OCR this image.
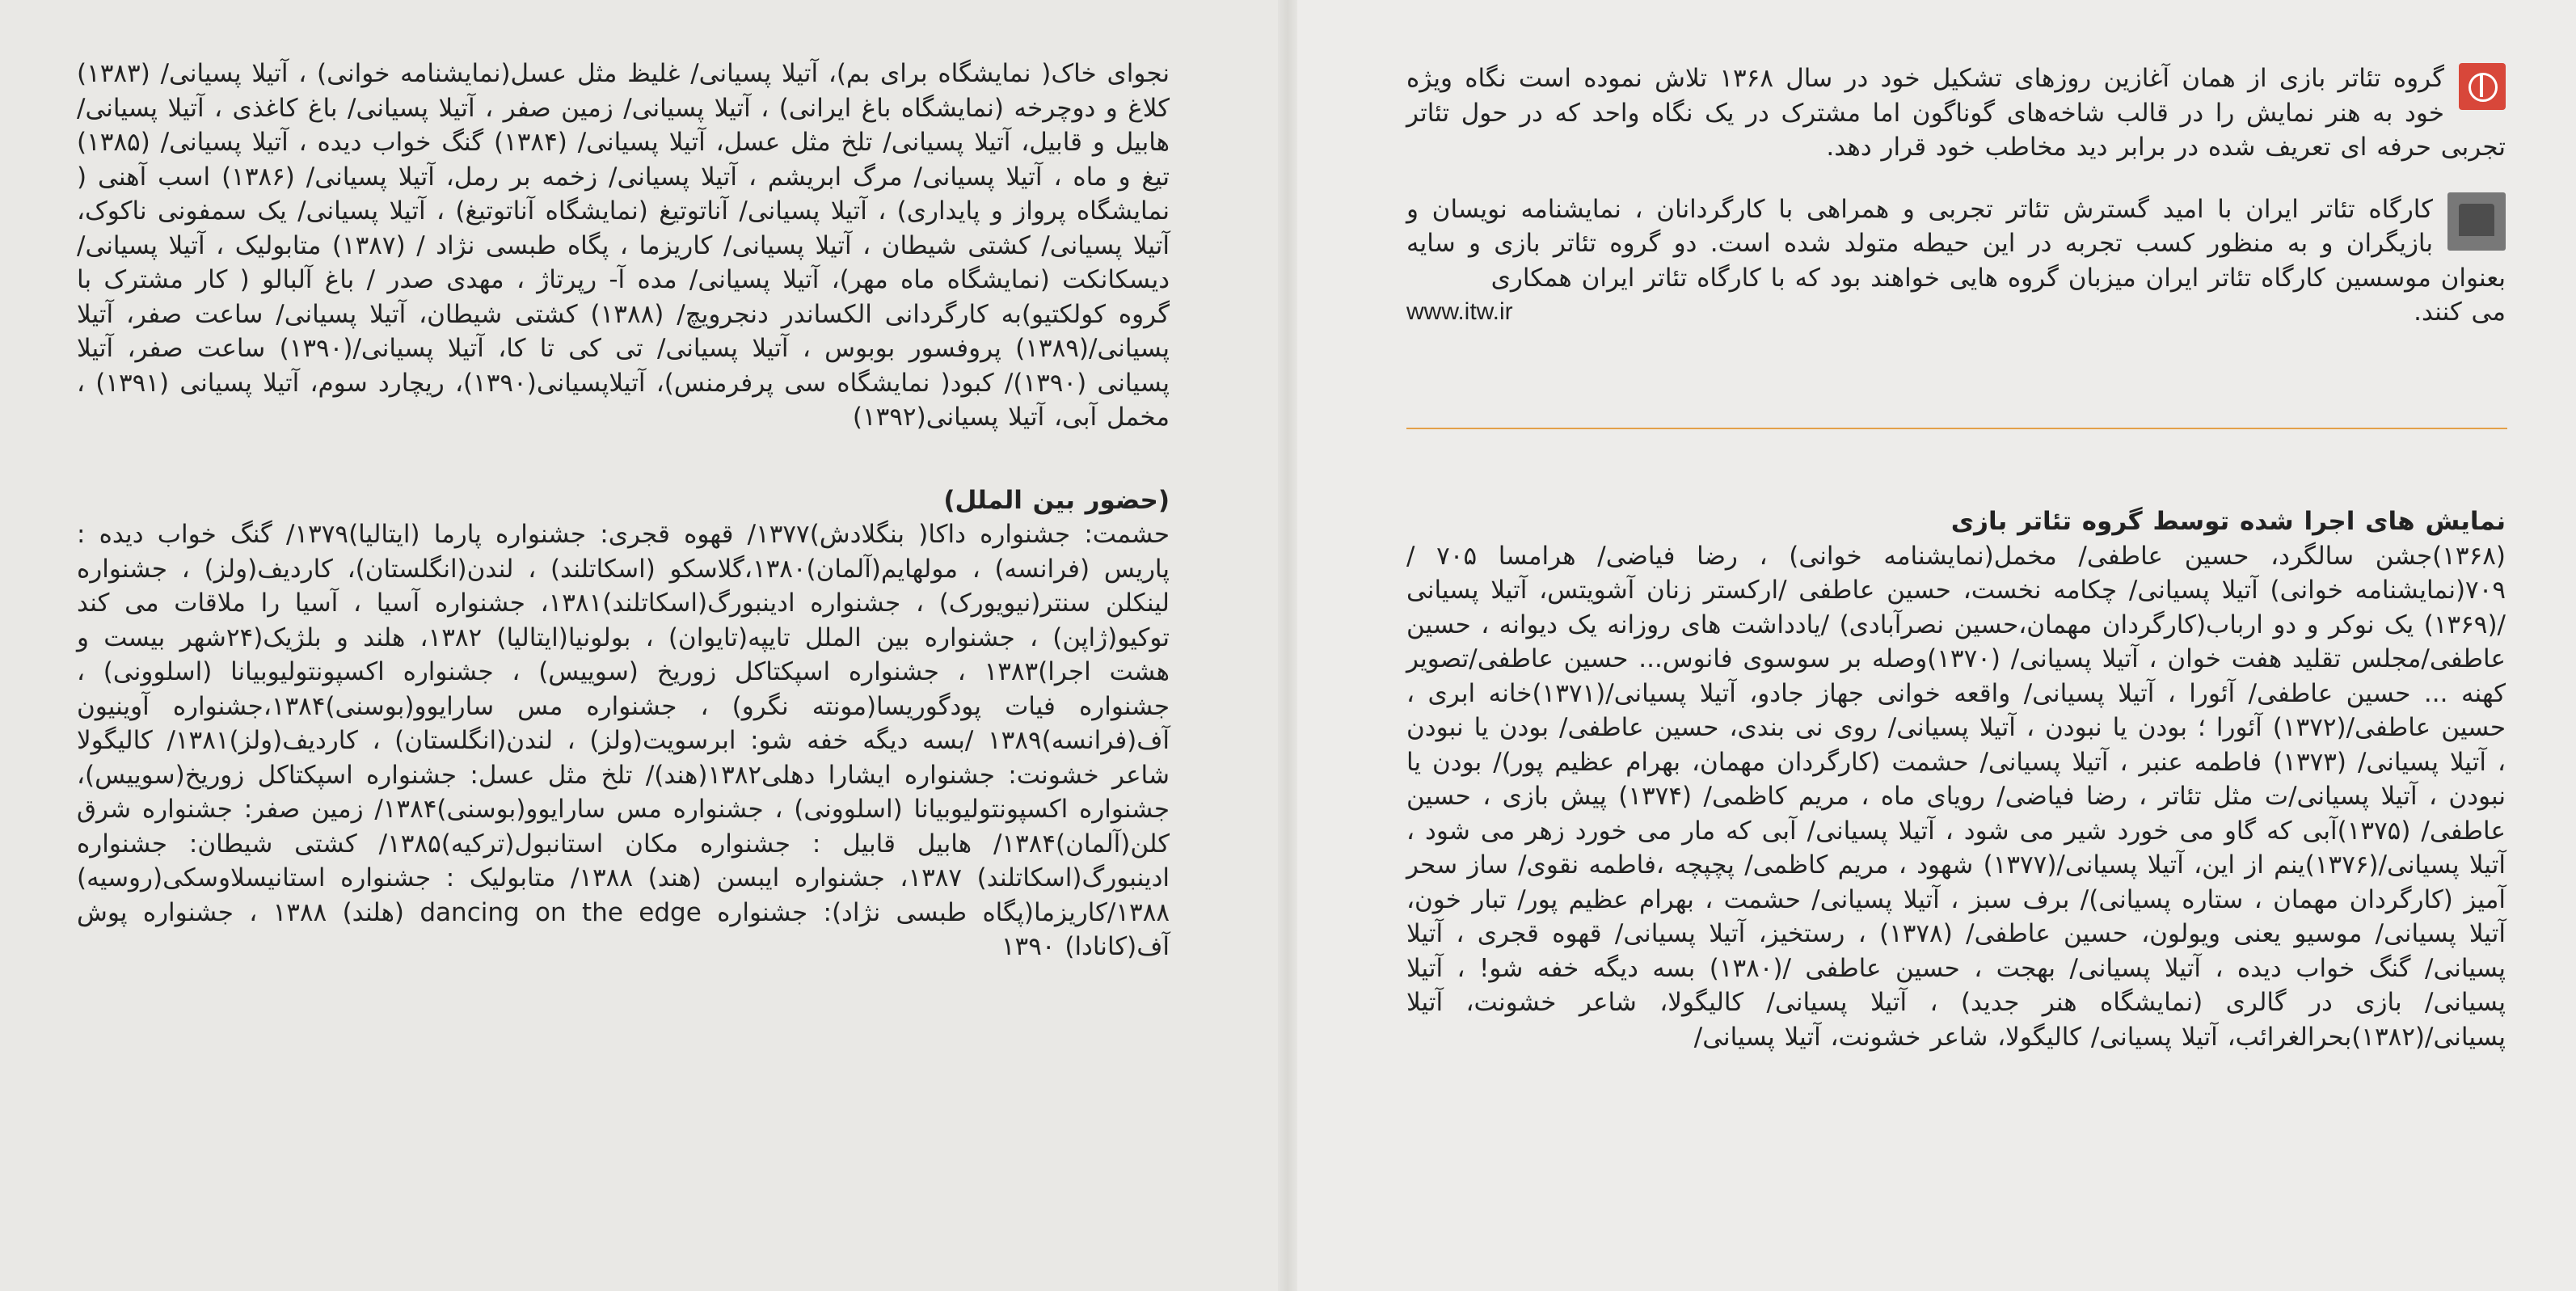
نجوای خاک( نمایشگاه برای بم)، آتیلا پسیانی/ غلیظ مثل عسل(نمایشنامه خوانی) ، آتیلا پسیانی/ (۱۳۸۳) کلاغ و دوچرخه (نمایشگاه باغ ایرانی) ، آتیلا پسیانی/ زمین صفر ، آتیلا پسیانی/ باغ کاغذی ، آتیلا پسیانی/ هابیل و قابیل، آتیلا پسیانی/ تلخ مثل عسل، آتیلا پسیانی/ (۱۳۸۴) گنگ خواب دیده ، آتیلا پسیانی/ (۱۳۸۵) تیغ و ماه ، آتیلا پسیانی/ مرگ ابریشم ، آتیلا پسیانی/ زخمه بر رمل، آتیلا پسیانی/ (۱۳۸۶) اسب آهنی ( نمایشگاه پرواز و پایداری) ، آتیلا پسیانی/ آناتوتیغ (نمایشگاه آناتوتیغ) ، آتیلا پسیانی/ یک سمفونی ناکوک، آتیلا پسیانی/ کشتی شیطان ، آتیلا پسیانی/ کاریزما ، پگاه طبسی نژاد / (۱۳۸۷) متابولیک ، آتیلا پسیانی/ دیسکانکت (نمایشگاه ماه مهر)، آتیلا پسیانی/ مده آ- رپرتاژ ، مهدی صدر / باغ آلبالو ( کار مشترک با گروه کولکتیو)به کارگردانی الکساندر دنجرویچ/ (۱۳۸۸) کشتی شیطان، آتیلا پسیانی/ ساعت صفر، آتیلا پسیانی/(۱۳۸۹) پروفسور بوبوس ، آتیلا پسیانی/ تی کی تا کا، آتیلا پسیانی/(۱۳۹۰) ساعت صفر، آتیلا پسیانی (۱۳۹۰)/ کبود( نمایشگاه سی پرفرمنس)، آتیلاپسیانی(۱۳۹۰)، ریچارد سوم، آتیلا پسیانی (۱۳۹۱) ، مخمل آبی، آتیلا پسیانی(۱۳۹۲)

(حضور بین الملل)

حشمت: جشنواره داکا( بنگلادش)۱۳۷۷/ قهوه قجری: جشنواره پارما (ایتالیا)۱۳۷۹/ گنگ خواب دیده : پاریس (فرانسه) ، مولهایم(آلمان)۱۳۸۰،گلاسکو (اسکاتلند) ، لندن(انگلستان)، کاردیف(ولز) ، جشنواره لینکلن سنتر(نیویورک) ، جشنواره ادینبورگ(اسکاتلند)۱۳۸۱، جشنواره آسیا ، آسیا را ملاقات می کند توکیو(ژاپن) ، جشنواره بین الملل تایپه(تایوان) ، بولونیا(ایتالیا) ۱۳۸۲، هلند و بلژیک(۲۴شهر بیست و هشت اجرا)۱۳۸۳ ، جشنواره اسپکتاکل زوریخ (سوییس) ، جشنواره اکسپونتولیوبیانا (اسلوونی) ، جشنواره فیات پودگوریسا(مونته نگرو) ، جشنواره مس سارایوو(بوسنی)۱۳۸۴،جشنواره آوینیون آف(فرانسه)۱۳۸۹ /بسه دیگه خفه شو: ابرسویت(ولز) ، لندن(انگلستان) ، کاردیف(ولز)۱۳۸۱/ کالیگولا شاعر خشونت: جشنواره ایشارا دهلی۱۳۸۲(هند)/ تلخ مثل عسل: جشنواره اسپکتاکل زوریخ(سوییس)، جشنواره اکسپونتولیوبیانا (اسلوونی) ، جشنواره مس سارایوو(بوسنی)۱۳۸۴/ زمین صفر: جشنواره شرق کلن(آلمان)۱۳۸۴/ هابیل قابیل : جشنواره مکان استانبول(ترکیه)۱۳۸۵/ کشتی شیطان: جشنواره ادینبورگ(اسکاتلند) ۱۳۸۷، جشنواره ایبسن (هند) ۱۳۸۸/ متابولیک : جشنواره استانیسلاوسکی(روسیه) ۱۳۸۸/کاریزما(پگاه طبسی نژاد): جشنواره dancing on the edge (هلند) ۱۳۸۸ ، جشنواره پوش آف(کانادا) ۱۳۹۰

گروه تئاتر بازی از همان آغازین روزهای تشکیل خود در سال ۱۳۶۸ تلاش نموده است نگاه ویژه خود به هنر نمایش را در قالب شاخه‌های گوناگون اما مشترک در یک نگاه واحد که در حول تئاتر تجربی حرفه ای تعریف شده در برابر دید مخاطب خود قرار دهد.

کارگاه تئاتر ایران با امید گسترش تئاتر تجربی و همراهی با کارگردانان ، نمایشنامه نویسان و بازیگران و به منظور کسب تجربه در این حیطه متولد شده است. دو گروه تئاتر بازی و سایه بعنوان موسسین کارگاه تئاتر ایران میزبان گروه هایی خواهند بود که با کارگاه تئاتر ایران همکاری

می کنند.
www.itw.ir

نمایش های اجرا شده توسط گروه تئاتر بازی

(۱۳۶۸)جشن سالگرد، حسین عاطفی/ مخمل(نمایشنامه خوانی) ، رضا فیاضی/ هرامسا ۷۰۵ /۷۰۹(نمایشنامه خوانی) آتیلا پسیانی/ چکامه نخست، حسین عاطفی /ارکستر زنان آشویتس، آتیلا پسیانی /(۱۳۶۹) یک نوکر و دو ارباب(کارگردان مهمان،حسین نصرآبادی) /یادداشت های روزانه یک دیوانه ، حسین عاطفی/مجلس تقلید هفت خوان ، آتیلا پسیانی/ (۱۳۷۰)وصله بر سوسوی فانوس... حسین عاطفی/تصویر کهنه ... حسین عاطفی/ آئورا ، آتیلا پسیانی/ واقعه خوانی جهاز جادو، آتیلا پسیانی/(۱۳۷۱)خانه ابری ، حسین عاطفی/(۱۳۷۲) آئورا ؛ بودن یا نبودن ، آتیلا پسیانی/ روی نی بندی، حسین عاطفی/ بودن یا نبودن ، آتیلا پسیانی/ (۱۳۷۳) فاطمه عنبر ، آتیلا پسیانی/ حشمت (کارگردان مهمان، بهرام عظیم پور)/ بودن یا نبودن ، آتیلا پسیانی/ت مثل تئاتر ، رضا فیاضی/ رویای ماه ، مریم کاظمی/ (۱۳۷۴) پیش بازی ، حسین عاطفی/ (۱۳۷۵)آبی که گاو می خورد شیر می شود ، آتیلا پسیانی/ آبی که مار می خورد زهر می شود ، آتیلا پسیانی/(۱۳۷۶)ینم از این، آتیلا پسیانی/(۱۳۷۷) شهود ، مریم کاظمی/ پچپچه ،فاطمه نقوی/ ساز سحر آمیز (کارگردان مهمان ، ستاره پسیانی)/ برف سبز ، آتیلا پسیانی/ حشمت ، بهرام عظیم پور/ تبار خون، آتیلا پسیانی/ موسیو یعنی ویولون، حسین عاطفی/ (۱۳۷۸) ، رستخیز، آتیلا پسیانی/ قهوه قجری ، آتیلا پسیانی/ گنگ خواب دیده ، آتیلا پسیانی/ بهجت ، حسین عاطفی /(۱۳۸۰) بسه دیگه خفه شو! ، آتیلا پسیانی/ بازی در گالری (نمایشگاه هنر جدید) ، آتیلا پسیانی/ کالیگولا، شاعر خشونت، آتیلا پسیانی/(۱۳۸۲)بحرالغرائب، آتیلا پسیانی/ کالیگولا، شاعر خشونت، آتیلا پسیانی/
